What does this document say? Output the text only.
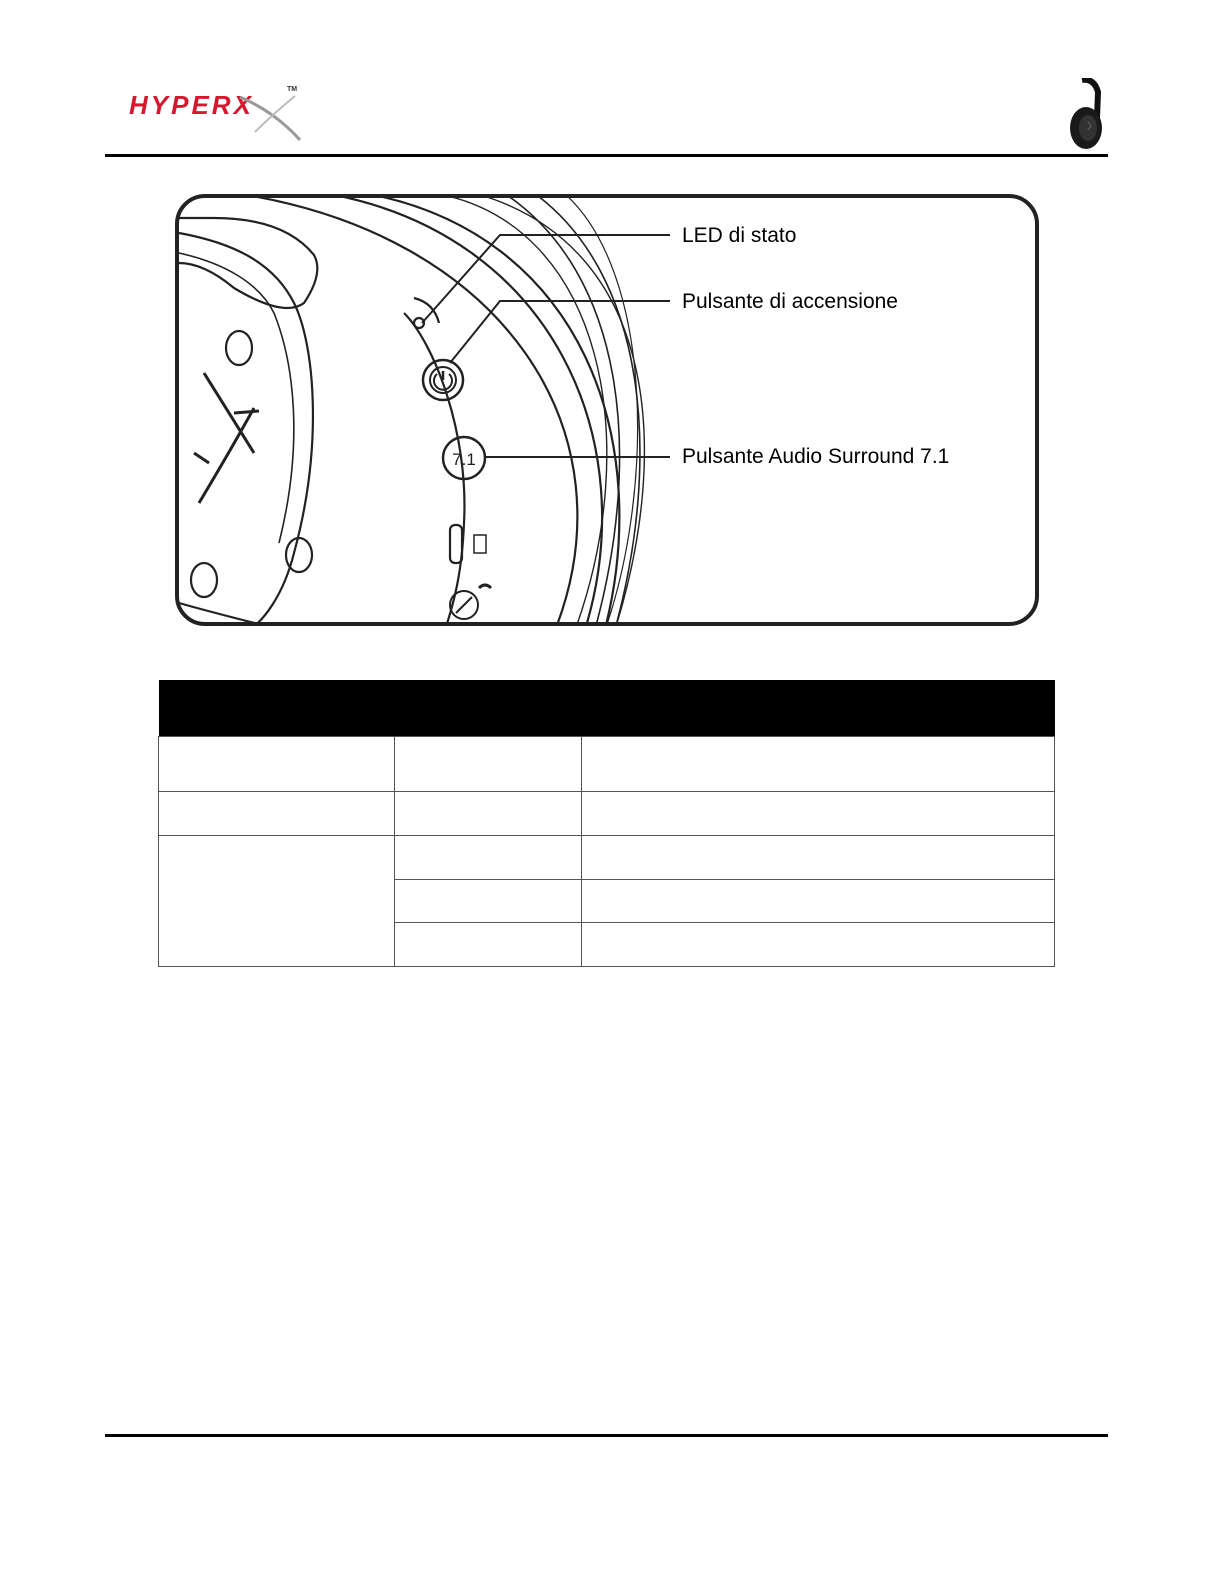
HYPERX
TM
7.1
LED di stato
Pulsante di accensione
Pulsante Audio Surround 7.1
